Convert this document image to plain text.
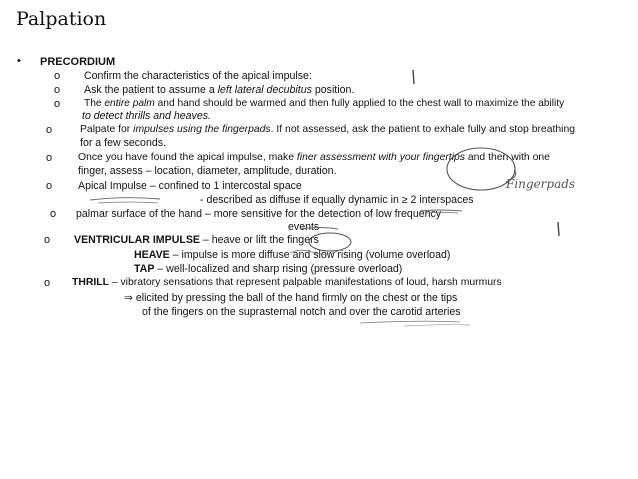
Palpation
• PRECORDIUM
o Confirm the characteristics of the apical impulse:
o Ask the patient to assume a left lateral decubitus position.
o The entire palm and hand should be warmed and then fully applied to the chest wall to maximize the ability
to detect thrills and heaves.
o	Palpate for impulses using the fingerpads. If not assessed, ask the patient to exhale fully and stop breathing
for a few seconds.
o Once you have found the apical impulse, make finer assessment with your fingertips and then with one
finger, assess – location, diameter, amplitude, duration.
o Apical Impulse – confined to 1 intercostal space
- described as diffuse if equally dynamic in ≥ 2 interspaces
o palmar surface of the hand – more sensitive for the detection of low frequency
events
o VENTRICULAR IMPULSE – heave or lift the fingers
HEAVE – impulse is more diffuse and slow rising (volume overload)
TAP – well-localized and sharp rising (pressure overload)
o THRILL – vibratory sensations that represent palpable manifestations of loud, harsh murmurs
⇒ elicited by pressing the ball of the hand firmly on the chest or the tips
of the fingers on the suprasternal notch and over the carotid arteries
Fingerpads
